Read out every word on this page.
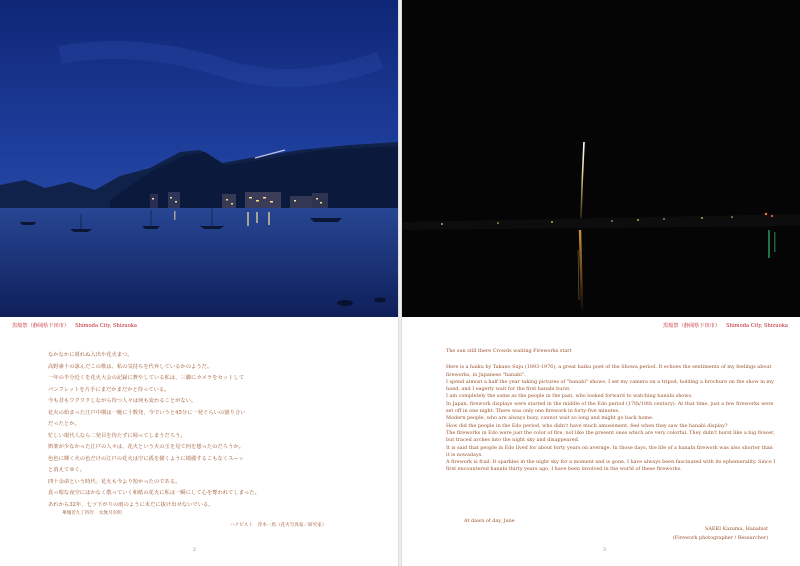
黒船祭（静岡県下田市） Shimoda City, Shizuoka
なかなかに暮れぬ入出や花火まつ。
高野素十の詠んだこの歌は、私の気持ちを代弁しているかのようだ。
一年の半分近くを花火大会の記録に費やしている私は、三脚にカメラをセットして
パンフレットを片手にまだかまだかと待っている。
今も昔もワクワクしながら待つ人々は何も変わることがない。
花火の始まった江戸中期は一晩に十数発、今でいうと45分に一発ぐらいの割り合い
だったとか。
忙しい現代人なら二発目を待たずに帰ってしまうだろう。
娯楽が少なかった江戸の人々は、花火という火の玉を見て何を想ったのだろうか。
色色に輝く火の色だけの江戸の花火は空に孤を描くように綺麗するこもなくスーッ
と消えてゆく。
四十余命という時代、花火も今より短かったのである。
真っ暗な夜空にはかなく散っていく和紙の花火に私は一瞬にして心を奪われてしまった。
あれから32年、七ツ下がりの雨のように未だに抜け出せないでいる。
華城若九丁四年　水無月有明
ハナビスト　冴木一馬（花火写真家／研究家）
2
黒船祭（静岡県下田市） Shimoda City, Shizuoka
The sun still there Crowds waiting Fireworks start
Here is a haiku by Takano Suju (1893-1976), a great haiku poet of the Showa period. It echoes the sentiments of my feelings about fireworks, in Japanese "hanabi".
I spend almost a half the year taking pictures of "hanabi" shows. I set my camera on a tripod, holding a brochure on the show in my hand, and I eagerly wait for the first hanabi burst.
I am completely the same as the people in the past, who looked forward to watching hanabi shows.
In Japan, firework displays were started in the middle of the Edo period (17th/18th century). At that time, just a few fireworks were set off in one night. There was only one firework in forty-five minutes.
Modern people, who are always busy, cannot wait so long and might go back home.
How did the people in the Edo period, who didn't have much amusement, feel when they saw the hanabi display?
The fireworks in Edo were just the color of fire, not like the present ones which are very colorful. They didn't burst like a big flower, but traced arches into the night sky and disappeared.
It is said that people in Edo lived for about forty years on average. In those days, the life of a hanabi firework was also shorter than it is nowadays.
A firework is frail. It sparkles in the night sky for a moment and is gone. I have always been fascinated with its ephemerality. Since I first encountered hanabi thirty years ago, I have been involved in the world of these fireworks.
At dawn of day, June
SAEKI Kazuma, Hanabist
(Firework photographer / Researcher)
3
